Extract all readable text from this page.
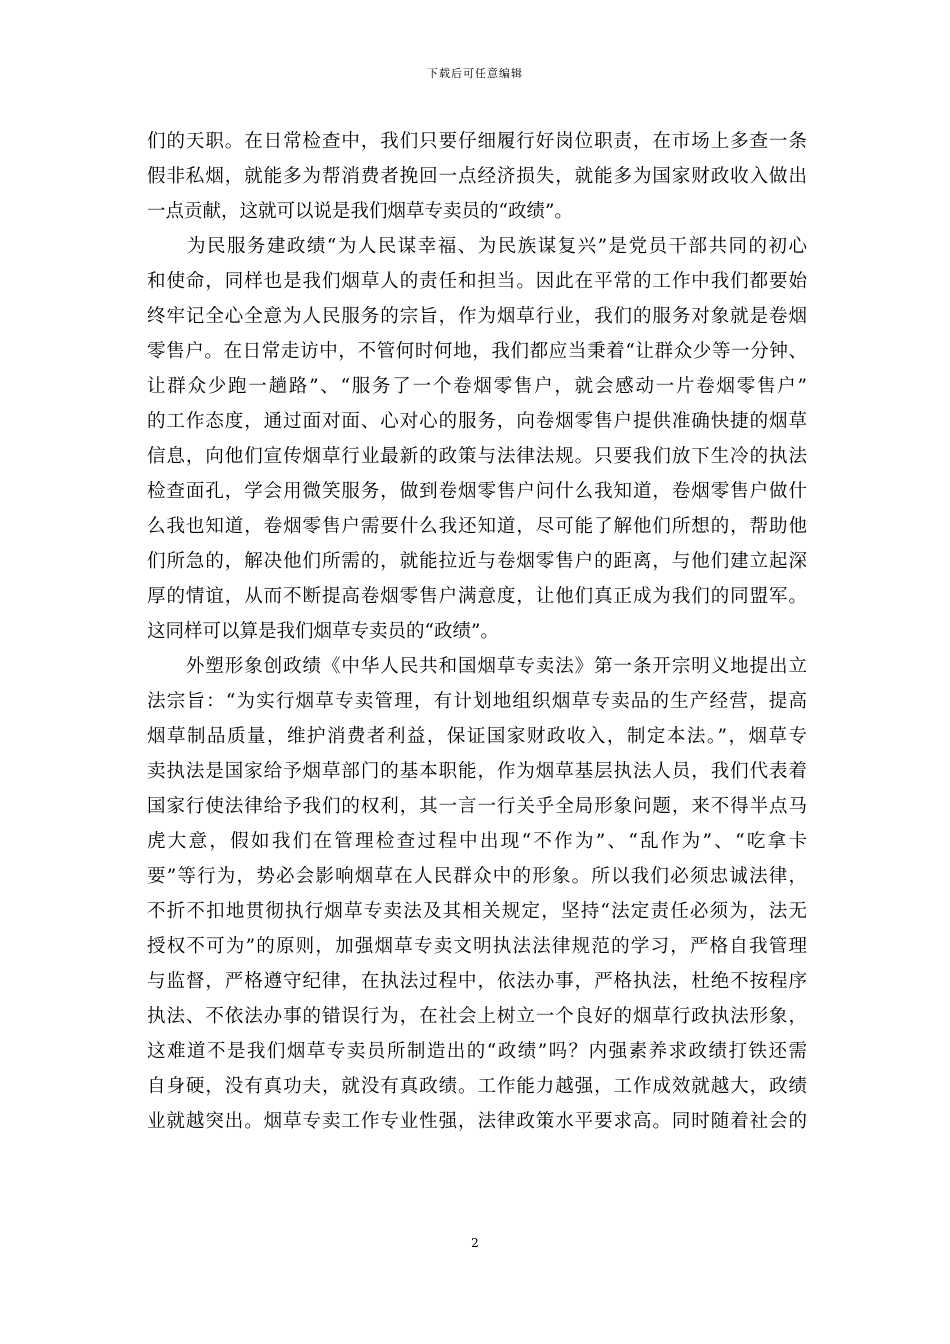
下载后可任意编辑
们的天职。在日常检查中，我们只要仔细履行好岗位职责，在市场上多查一条
假非私烟，就能多为帮消费者挽回一点经济损失，就能多为国家财政收入做出
一点贡献，这就可以说是我们烟草专卖员的“政绩”。
　　为民服务建政绩“为人民谋幸福、为民族谋复兴”是党员干部共同的初心
和使命，同样也是我们烟草人的责任和担当。因此在平常的工作中我们都要始
终牢记全心全意为人民服务的宗旨，作为烟草行业，我们的服务对象就是卷烟
零售户。在日常走访中，不管何时何地，我们都应当秉着“让群众少等一分钟、
让群众少跑一趟路”、“服务了一个卷烟零售户，就会感动一片卷烟零售户”
的工作态度，通过面对面、心对心的服务，向卷烟零售户提供准确快捷的烟草
信息，向他们宣传烟草行业最新的政策与法律法规。只要我们放下生冷的执法
检查面孔，学会用微笑服务，做到卷烟零售户问什么我知道，卷烟零售户做什
么我也知道，卷烟零售户需要什么我还知道，尽可能了解他们所想的，帮助他
们所急的，解决他们所需的，就能拉近与卷烟零售户的距离，与他们建立起深
厚的情谊，从而不断提高卷烟零售户满意度，让他们真正成为我们的同盟军。
这同样可以算是我们烟草专卖员的“政绩”。
　　外塑形象创政绩《中华人民共和国烟草专卖法》第一条开宗明义地提出立
法宗旨：“为实行烟草专卖管理，有计划地组织烟草专卖品的生产经营，提高
烟草制品质量，维护消费者利益，保证国家财政收入，制定本法。”，烟草专
卖执法是国家给予烟草部门的基本职能，作为烟草基层执法人员，我们代表着
国家行使法律给予我们的权利，其一言一行关乎全局形象问题，来不得半点马
虎大意，假如我们在管理检查过程中出现“不作为”、“乱作为”、“吃拿卡
要”等行为，势必会影响烟草在人民群众中的形象。所以我们必须忠诚法律，
不折不扣地贯彻执行烟草专卖法及其相关规定，坚持“法定责任必须为，法无
授权不可为”的原则，加强烟草专卖文明执法法律规范的学习，严格自我管理
与监督，严格遵守纪律，在执法过程中，依法办事，严格执法，杜绝不按程序
执法、不依法办事的错误行为，在社会上树立一个良好的烟草行政执法形象，
这难道不是我们烟草专卖员所制造出的“政绩”吗？内强素养求政绩打铁还需
自身硬，没有真功夫，就没有真政绩。工作能力越强，工作成效就越大，政绩
业就越突出。烟草专卖工作专业性强，法律政策水平要求高。同时随着社会的
2
